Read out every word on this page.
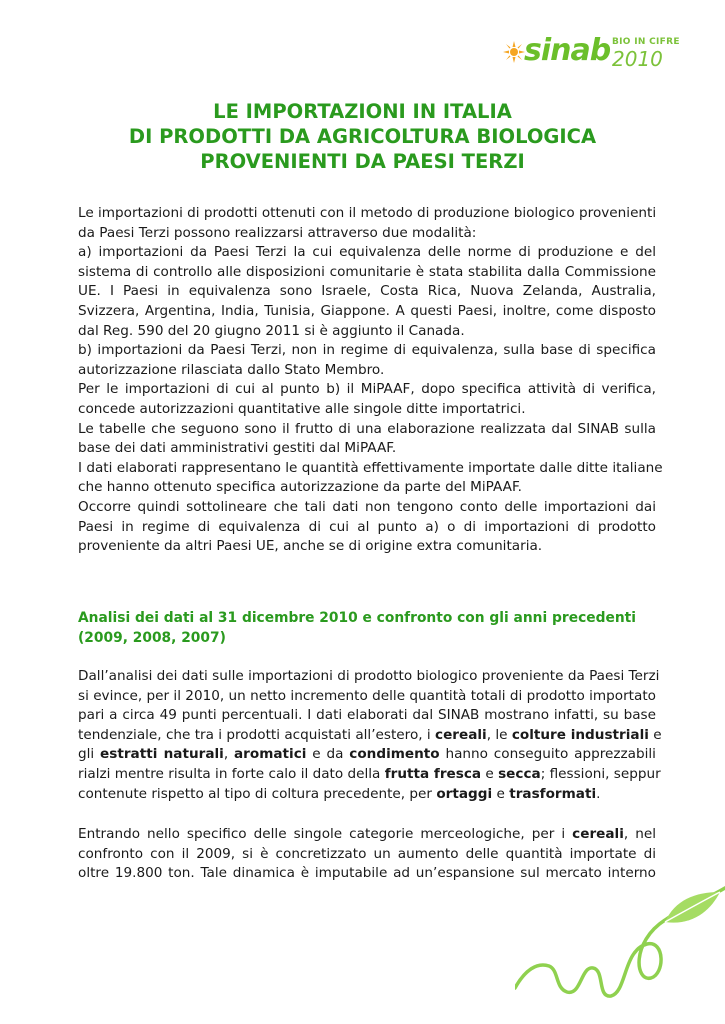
sinab BIO IN CIFRE
2010
LE IMPORTAZIONI IN ITALIA
DI PRODOTTI DA AGRICOLTURA BIOLOGICA
PROVENIENTI DA PAESI TERZI
Le importazioni di prodotti ottenuti con il metodo di produzione biologico provenienti
da Paesi Terzi possono realizzarsi attraverso due modalità:
a) importazioni da Paesi Terzi la cui equivalenza delle norme di produzione e del
sistema di controllo alle disposizioni comunitarie è stata stabilita dalla Commissione
UE. I Paesi in equivalenza sono Israele, Costa Rica, Nuova Zelanda, Australia,
Svizzera, Argentina, India, Tunisia, Giappone. A questi Paesi, inoltre, come disposto
dal Reg. 590 del 20 giugno 2011 si è aggiunto il Canada.
b) importazioni da Paesi Terzi, non in regime di equivalenza, sulla base di specifica
autorizzazione rilasciata dallo Stato Membro.
Per le importazioni di cui al punto b) il MiPAAF, dopo specifica attività di verifica,
concede autorizzazioni quantitative alle singole ditte importatrici.
Le tabelle che seguono sono il frutto di una elaborazione realizzata dal SINAB sulla
base dei dati amministrativi gestiti dal MiPAAF.
I dati elaborati rappresentano le quantità effettivamente importate dalle ditte italiane
che hanno ottenuto specifica autorizzazione da parte del MiPAAF.
Occorre quindi sottolineare che tali dati non tengono conto delle importazioni dai
Paesi in regime di equivalenza di cui al punto a) o di importazioni di prodotto
proveniente da altri Paesi UE, anche se di origine extra comunitaria.
Analisi dei dati al 31 dicembre 2010 e confronto con gli anni precedenti
(2009, 2008, 2007)
Dall’analisi dei dati sulle importazioni di prodotto biologico proveniente da Paesi Terzi
si evince, per il 2010, un netto incremento delle quantità totali di prodotto importato
pari a circa 49 punti percentuali. I dati elaborati dal SINAB mostrano infatti, su base
tendenziale, che tra i prodotti acquistati all’estero, i cereali, le colture industriali e
gli estratti naturali, aromatici e da condimento hanno conseguito apprezzabili
rialzi mentre risulta in forte calo il dato della frutta fresca e secca; flessioni, seppur
contenute rispetto al tipo di coltura precedente, per ortaggi e trasformati.
Entrando nello specifico delle singole categorie merceologiche, per i cereali, nel
confronto con il 2009, si è concretizzato un aumento delle quantità importate di
oltre 19.800 ton. Tale dinamica è imputabile ad un’espansione sul mercato interno
